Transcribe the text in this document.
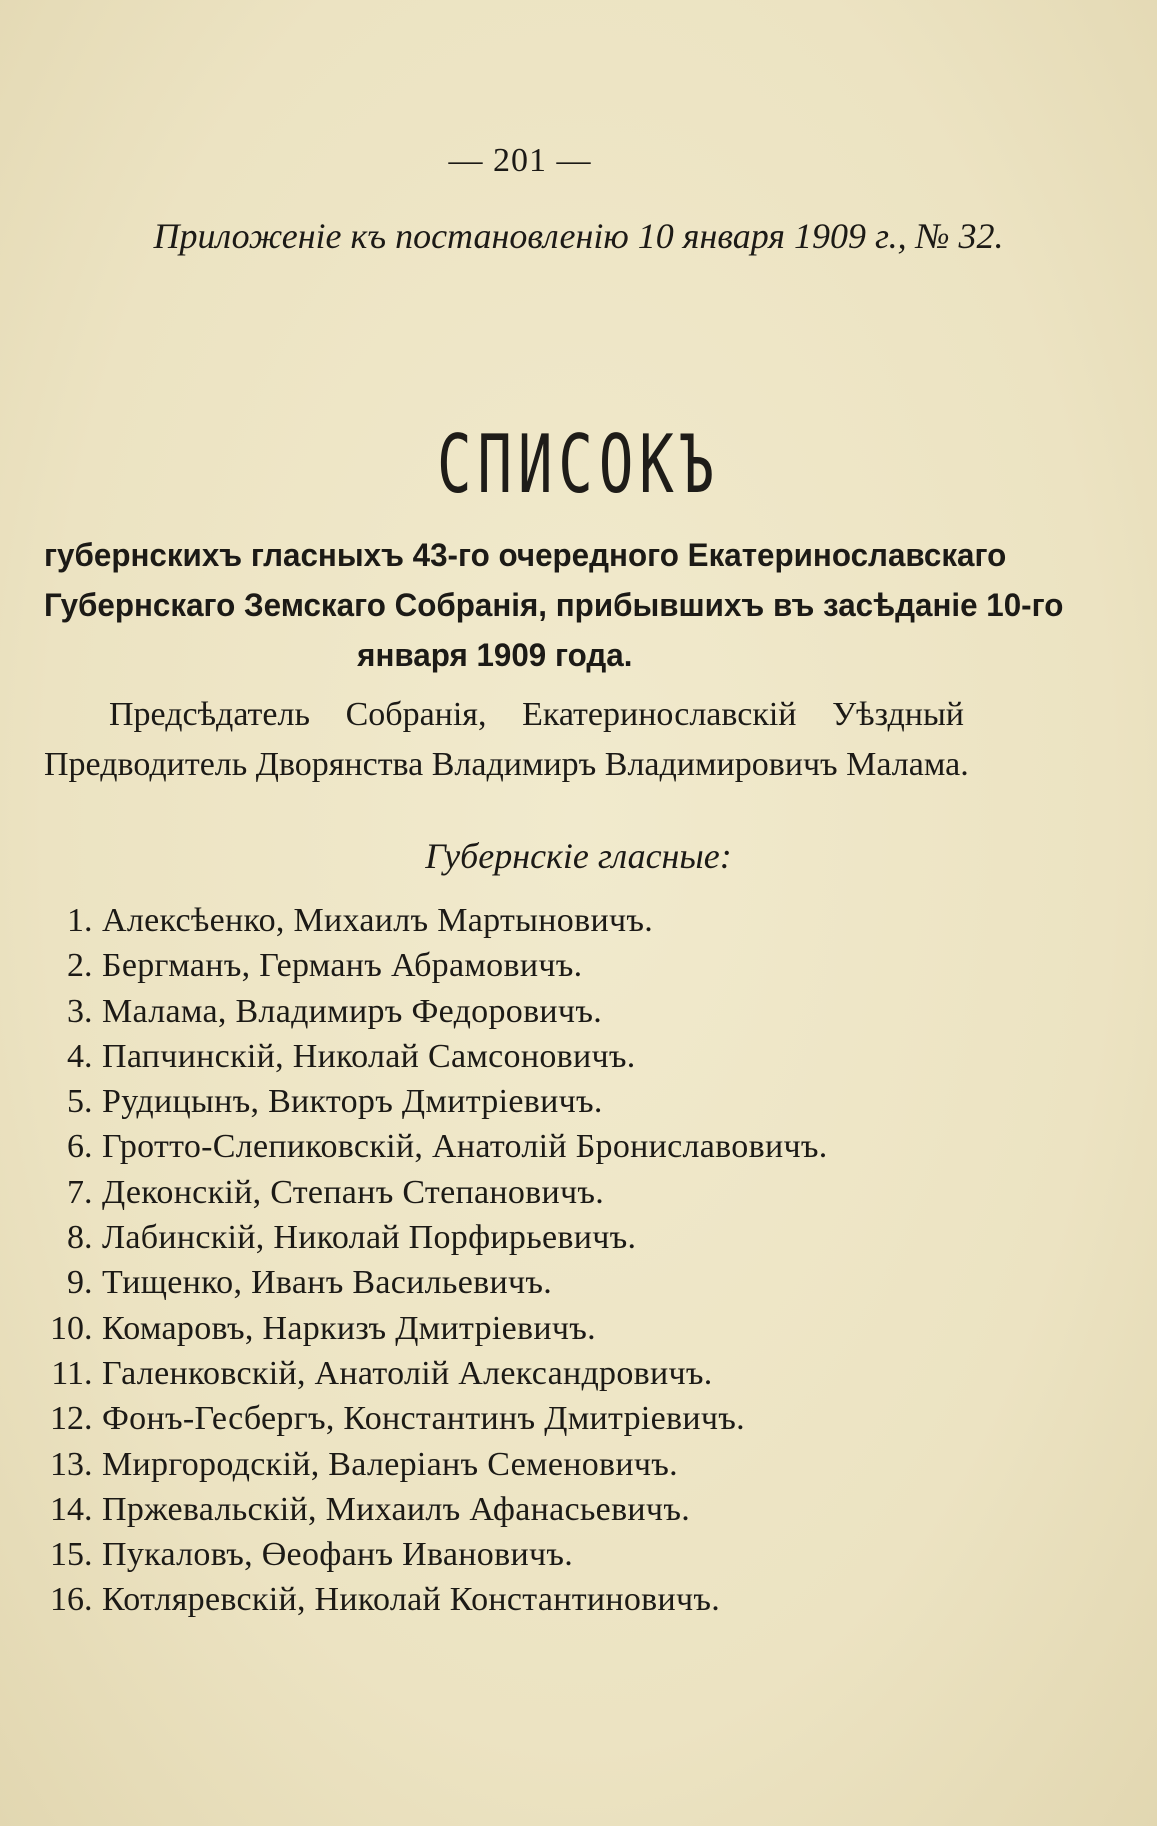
— 201 —
Приложенiе къ постановленiю 10 января 1909 г., № 32.
СПИСОКЪ
губернскихъ гласныхъ 43-го очередного Екатеринославскаго
Губернскаго Земскаго Собранiя, прибывшихъ въ засѣданiе 10-го
января 1909 года.
Предсѣдатель Собранiя, Екатеринославскiй Уѣздный
Предводитель Дворянства Владимиръ Владимировичъ Малама.
Губернскiе гласные:
1 . Алексѣенко, Михаилъ Мартыновичъ.
2 . Бергманъ, Германъ Абрамовичъ.
3 . Малама, Владимиръ Федоровичъ.
4 . Папчинскiй, Николай Самсоновичъ.
5 . Рудицынъ, Викторъ Дмитрiевичъ.
6 . Гротто-Слепиковскiй, Анатолiй Брониславовичъ.
7 . Деконскiй, Степанъ Степановичъ.
8 . Лабинскiй, Николай Порфирьевичъ.
9 . Тищенко, Иванъ Васильевичъ.
10 . Комаровъ, Наркизъ Дмитрiевичъ.
11 . Галенковскiй, Анатолiй Александровичъ.
12 . Фонъ-Гесбергъ, Константинъ Дмитрiевичъ.
13 . Миргородскiй, Валерiанъ Семеновичъ.
14 . Пржевальскiй, Михаилъ Афанасьевичъ.
15 . Пукаловъ, Өеофанъ Ивановичъ.
16 . Котляревскiй, Николай Константиновичъ.
